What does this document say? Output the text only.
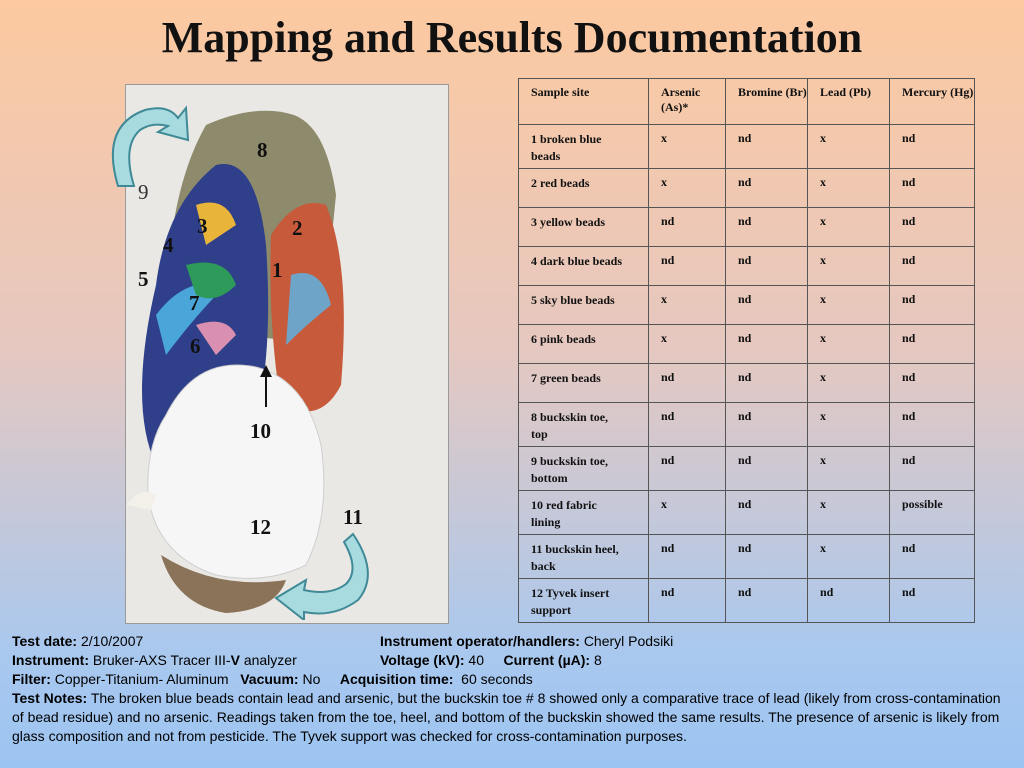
Mapping and Results Documentation
8
9
3	2
4
1
5
7
6
10
11
12
Sample site	Arsenic (As)*	Bromine (Br)	Lead (Pb)	Mercury (Hg)
1 broken blue
beads	x	nd	x	nd
2 red beads	x	nd	x	nd
3 yellow beads	nd	nd	x	nd
4 dark blue beads	nd	nd	x	nd
5 sky blue beads	x	nd	x	nd
6 pink beads	x	nd	x	nd
7 green beads	nd	nd	x	nd
8 buckskin toe,
top	nd	nd	x	nd
9 buckskin toe,
bottom	nd	nd	x	nd
10 red fabric
lining	x	nd	x	possible
11 buckskin heel,
back	nd	nd	x	nd
12 Tyvek insert
support	nd	nd	nd	nd
Test date: 2/10/2007	Instrument operator/handlers: Cheryl Podsiki
Instrument: Bruker-AXS Tracer III-V analyzer	Voltage (kV): 40 Current (µA): 8
Filter: Copper-Titanium- Aluminum Vacuum: No Acquisition time: 60 seconds
Test Notes: The broken blue beads contain lead and arsenic, but the buckskin toe # 8 showed only a comparative trace of lead (likely from cross-contamination of bead residue) and no arsenic. Readings taken from the toe, heel, and bottom of the buckskin showed the same results. The presence of arsenic is likely from glass composition and not from pesticide. The Tyvek support was checked for cross-contamination purposes.
